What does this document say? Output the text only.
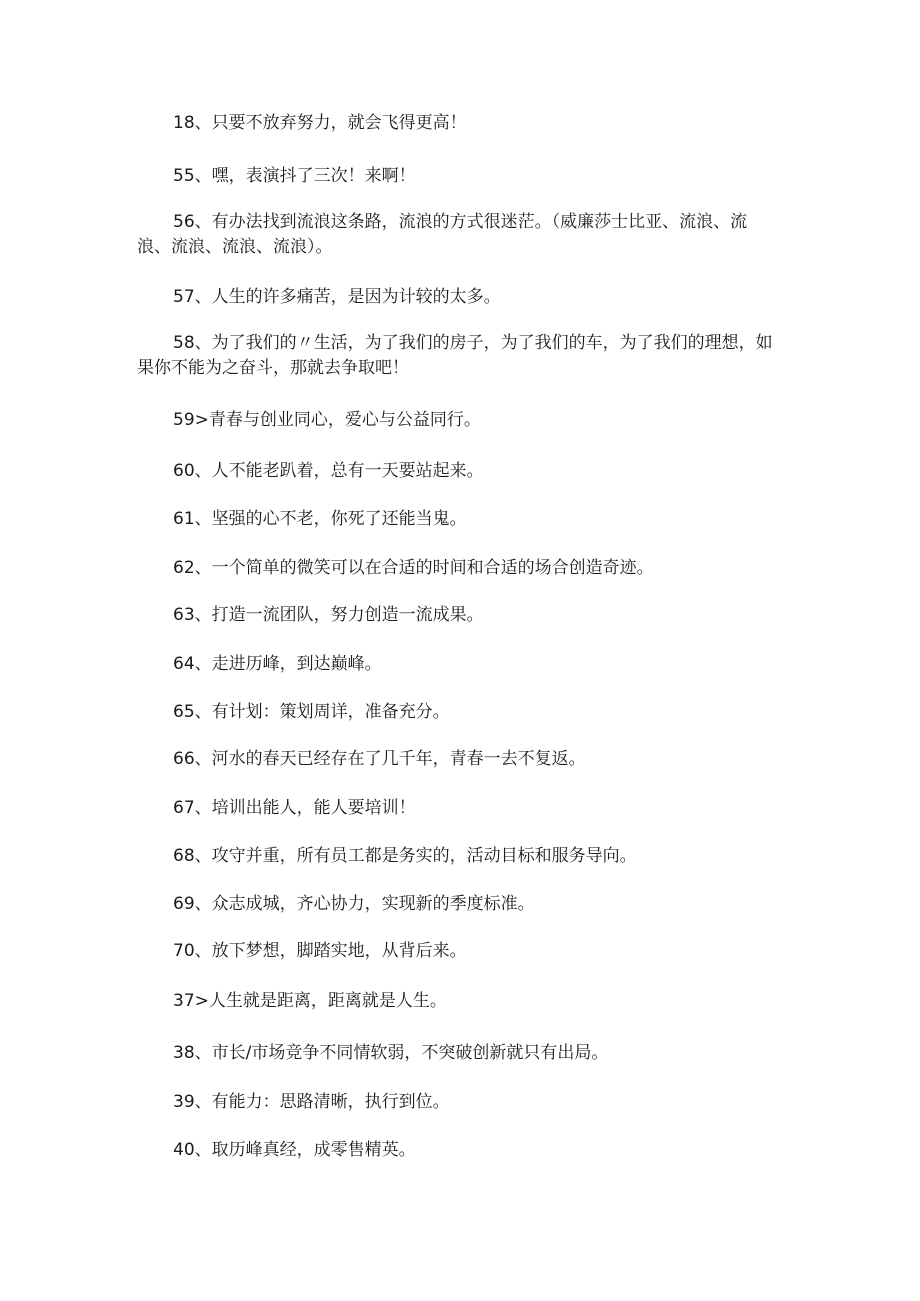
18、只要不放弃努力，就会飞得更高！

55、嘿，表演抖了三次！来啊！

56、有办法找到流浪这条路，流浪的方式很迷茫。（威廉莎士比亚、流浪、流浪、流浪、流浪、流浪）。

57、人生的许多痛苦，是因为计较的太多。

58、为了我们的〃生活，为了我们的房子，为了我们的车，为了我们的理想，如果你不能为之奋斗，那就去争取吧！

59>青春与创业同心，爱心与公益同行。

60、人不能老趴着，总有一天要站起来。

61、坚强的心不老，你死了还能当鬼。

62、一个简单的微笑可以在合适的时间和合适的场合创造奇迹。

63、打造一流团队，努力创造一流成果。

64、走进历峰，到达巅峰。

65、有计划：策划周详，准备充分。

66、河水的春天已经存在了几千年，青春一去不复返。

67、培训出能人，能人要培训！

68、攻守并重，所有员工都是务实的，活动目标和服务导向。

69、众志成城，齐心协力，实现新的季度标准。

70、放下梦想，脚踏实地，从背后来。

37>人生就是距离，距离就是人生。

38、市长/市场竞争不同情软弱，不突破创新就只有出局。

39、有能力：思路清晰，执行到位。

40、取历峰真经，成零售精英。
